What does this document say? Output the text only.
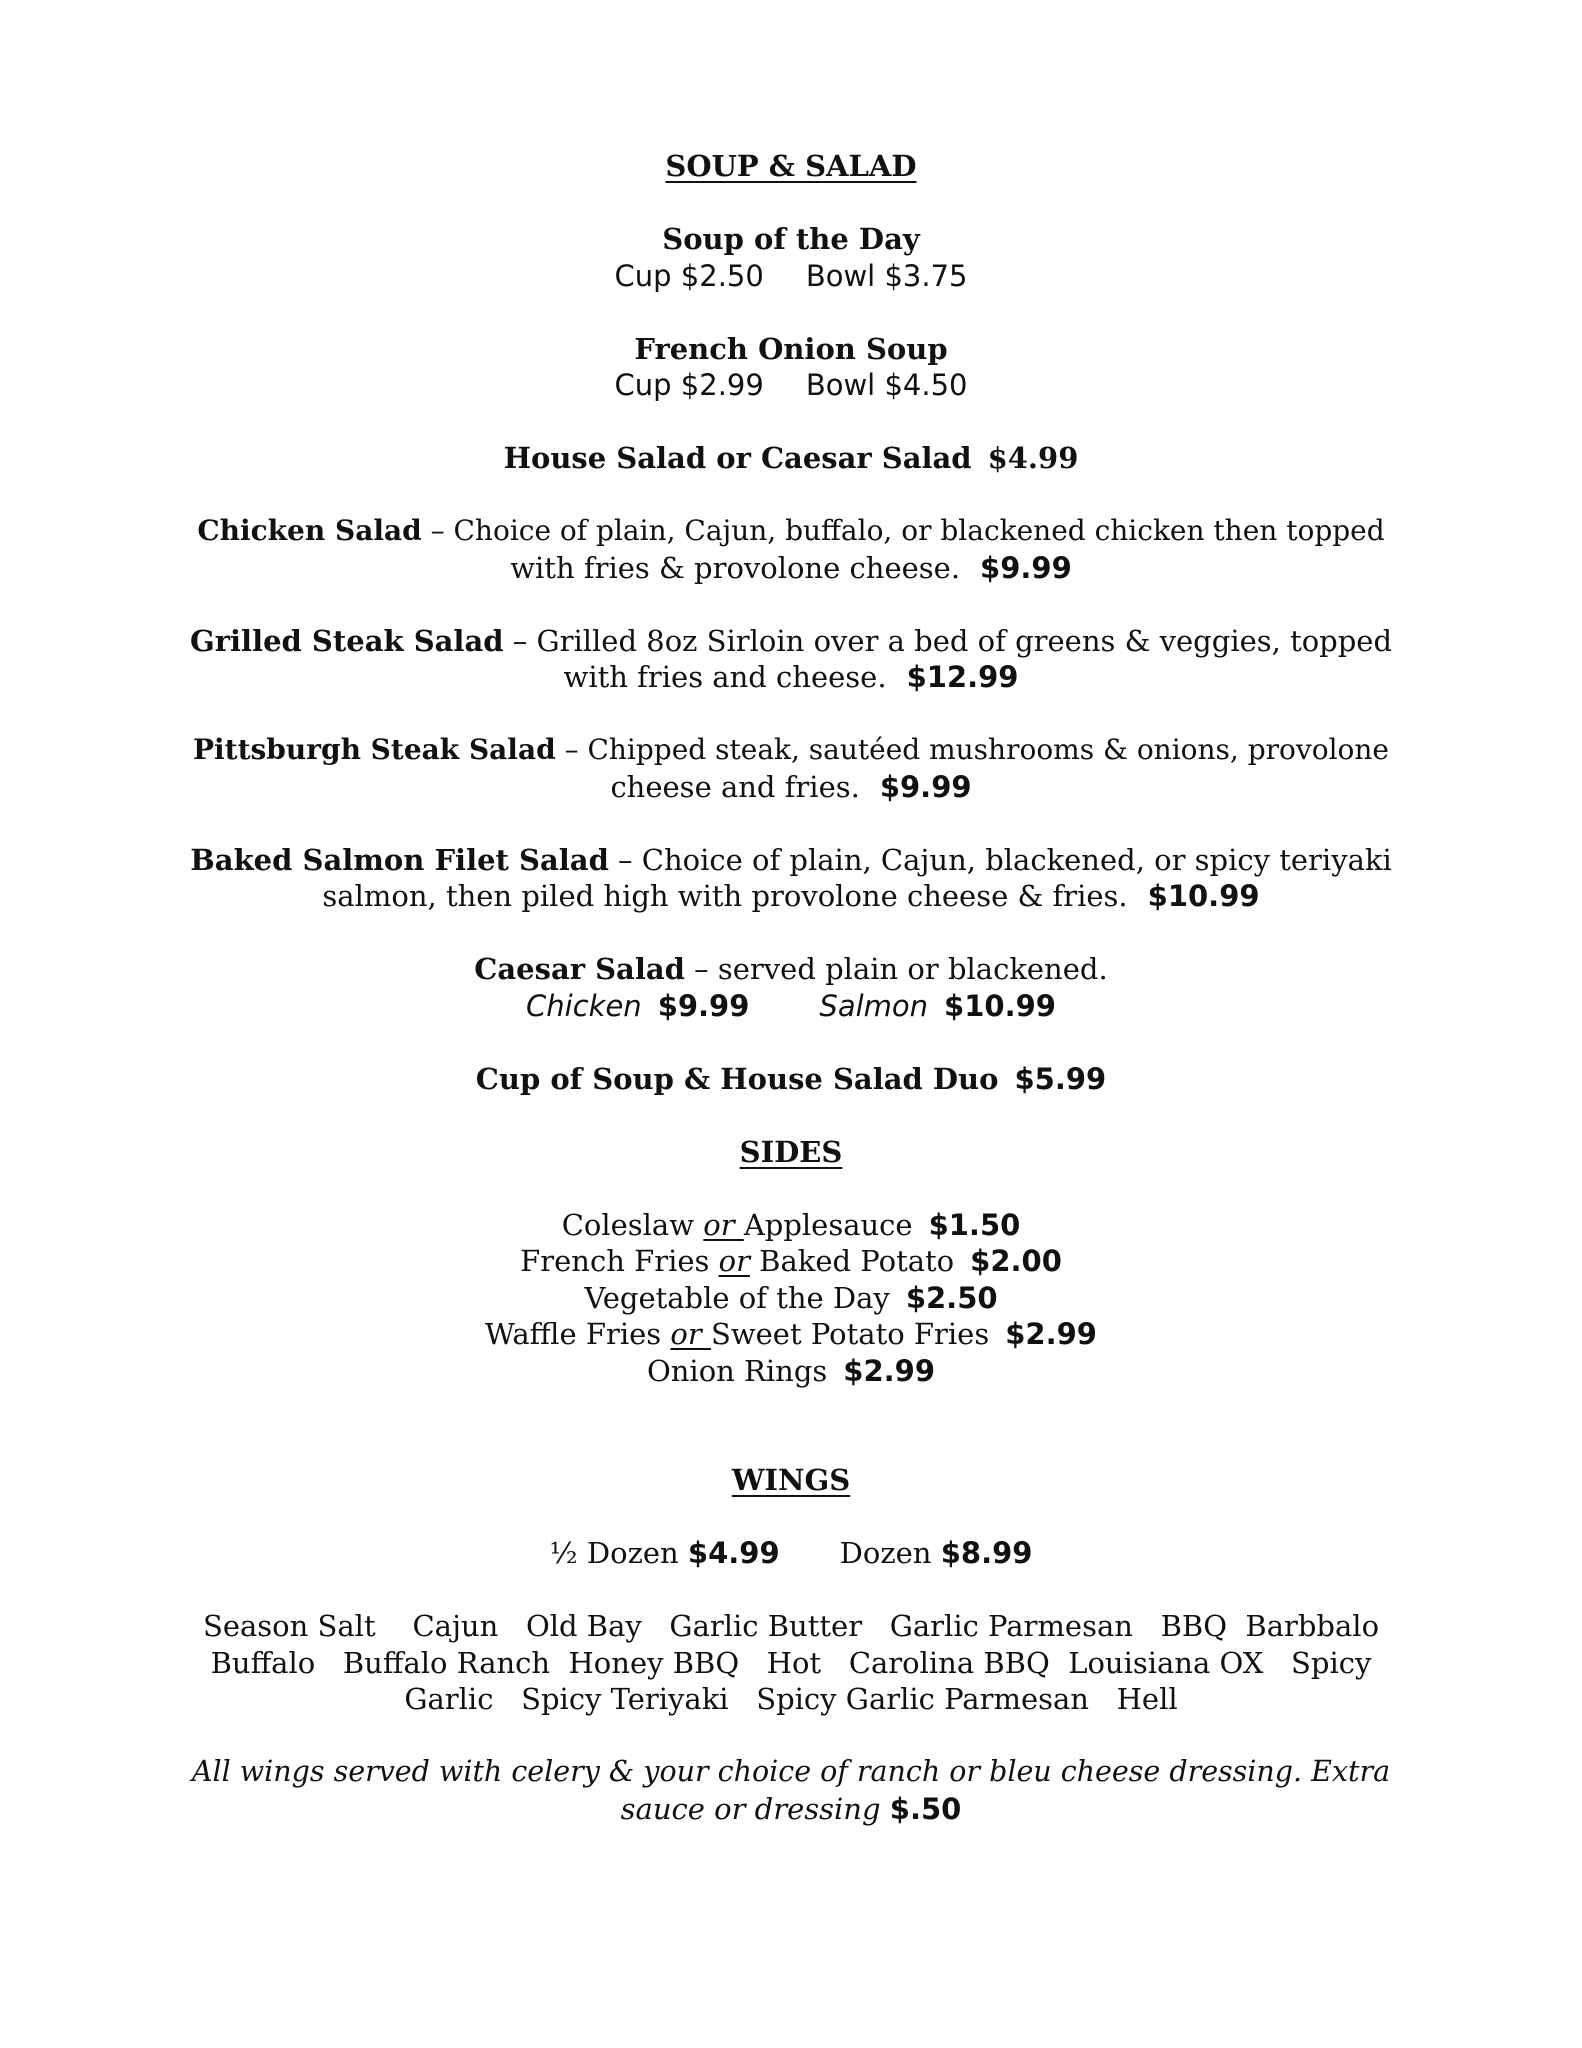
SOUP & SALAD
Soup of the Day
Cup $2.50 Bowl $3.75
French Onion Soup
Cup $2.99 Bowl $4.50
House Salad or Caesar Salad $4.99
Chicken Salad – Choice of plain, Cajun, buffalo, or blackened chicken then topped
with fries & provolone cheese. $9.99
Grilled Steak Salad – Grilled 8oz Sirloin over a bed of greens & veggies, topped
with fries and cheese. $12.99
Pittsburgh Steak Salad – Chipped steak, sautéed mushrooms & onions, provolone
cheese and fries. $9.99
Baked Salmon Filet Salad – Choice of plain, Cajun, blackened, or spicy teriyaki
salmon, then piled high with provolone cheese & fries. $10.99
Caesar Salad – served plain or blackened.
Chicken $9.99 Salmon $10.99
Cup of Soup & House Salad Duo $5.99
SIDES
Coleslaw or Applesauce $1.50
French Fries or Baked Potato $2.00
Vegetable of the Day $2.50
Waffle Fries or Sweet Potato Fries $2.99
Onion Rings $2.99
WINGS
½ Dozen $4.99 Dozen $8.99
Season Salt    Cajun   Old Bay   Garlic Butter   Garlic Parmesan   BBQ  Barbbalo
Buffalo   Buffalo Ranch  Honey BBQ   Hot   Carolina BBQ  Louisiana OX   Spicy
Garlic   Spicy Teriyaki   Spicy Garlic Parmesan   Hell
All wings served with celery & your choice of ranch or bleu cheese dressing. Extra
sauce or dressing $.50
